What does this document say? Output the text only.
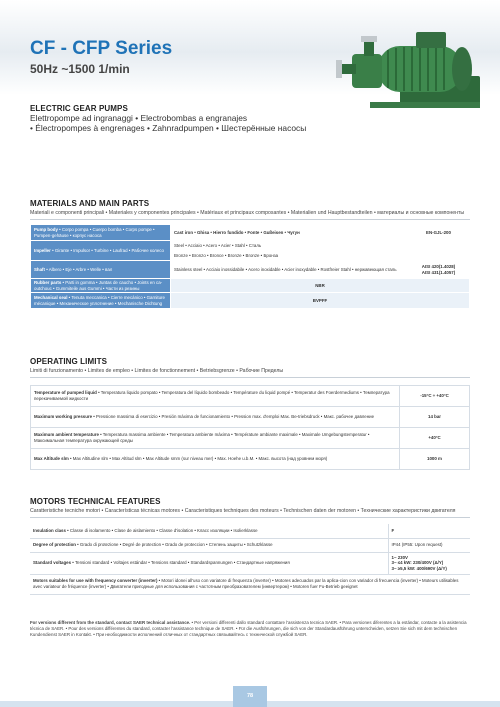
CF - CFP Series
50Hz ~1500 1/min
ELECTRIC GEAR PUMPS
Elettropompe ad ingranaggi • Electrobombas a engranajes
• Électropompes à engrenages • Zahnradpumpen • Шестерённые насосы
MATERIALS AND MAIN PARTS
Materiali e componenti principali • Materiales y componentes principales • Matériaux et principaux composantes • Materialien und Hauptbestandteilen • материалы и основные компоненты
Pump body • Corpo pompa • Cuerpo bomba • Corps pompe • Pumpen-gehäuse • корпус насоса	Cast iron • Ghisa • Hierro fundido • Fonte • Gußeisen • Чугун	EN-GJL-200
Impeller • Girante • Impulsor • Turbine • Laufrad • Рабочее колесо	Steel • Acciaio • Acero • Acier • Stahl • Сталь	
	Bronze • Bronzo • Bronce • Bronze • Bronze • Бронза	
Shaft • Albero • Eje • Arbre • Welle • вал	Stainless steel • Acciaio inossidabile • Acero inoxidable • Acier inoxydable • Rostfreier Stahl • нержавеющая сталь	AISI 420(1.4028)
AISI 431(1.4057)
Rubber parts • Parti in gomma • Juntas de caucho • Joints en ca-outchouc • Gummiteile aus Gummi • Части из резины	NBR	
Mechanical seal • Tenuta meccanica • Cierre mecánico • Garniture mécanique • Механическое уплотнение • Mechanische Dichtung	BVPFF	
OPERATING LIMITS
Limiti di funzionamento • Limites de empleo • Limites de fonctionnement • Betriebsgrenze • Рабочие Пределы
Temperature of pumped liquid • Temperatura liquido pompato • Temperatura del líquido bombeado • Température du liquid pompé • Temperatur des Foerdermediums • Температура перекачиваемой жидкости	-15°C ÷ +40°C
Maximum working pressure • Pressione massima di esercizio • Presión máxima de funcionamiento • Pression max. d'emploi Max. Be-triebsdruck • Макс. рабочее давление	14 bar
Maximum ambient temperature • Temperatura massima ambiente • Temperatura ambiente máxima • Température ambiante maximale • Maximale Umgebungstemperatur • Максимальная температура окружающей среды	+40°C
Max Altitude slm • Max Altitudine slm • Max Altitud slm • Max Altitude smm (sur niveau mer) • Max. Hoehe u.b.M. • Макс. высота (над уровнем моря)	1000 m
MOTORS TECHNICAL FEATURES
Caratteristiche tecniche motori • Características técnicas motores • Caracteristiques techniques des moteurs • Technischen daten der motoren • Технические характеристики двигателя
Insulation class • Classe di isolamento • Clase de aislamiento • Classe d'isolation • Класс изоляции • Isolierklasse	F
Degree of protection • Grado di protezione • Degré de protection • Grado de proteccion • Степень защиты • Schutzklasse	IP44 (IP55: Upon request)
Standard voltages • Tensioni standard • Voltajes estándar • Tensions standard • Standardspannungen • Стандартные напряжения	1~ 230V
3~ ≤4 kW: 230/400V (Δ/Y)
3~ ≥5,5 kW: 400/690V (Δ/Y)
Motors suitables for use with frequency converter (inverter) • Motori idonei all'uso con variatore di frequenza (inverter) • Motores adecuados par la aplica-cion con variador di frecuencia (inverter) • Moteurs utilisables avec variateur de fréquence (inverter) • Двигатели пригодные для использования с частотным преобразователем (инвертером) • Motoren fuer Fu-Betrieb geeignet	
For versions different from the standard, contact SAER technical assistance. • Per versioni differenti dallo standard contattare l'assistenza tecnica SAER. • Para versiones diferentes a la estándar, contacte a la asistencia técnica de SAER. • Pour des versions différentes du standard, contacter l'assistance technique de SAER. • Für die Ausführungen, die sich von der Standardausführung unterscheiden, setzen Sie sich mit dem technischen Kundendienst SAER in Kontakt. • При необходимости исполнений отличных от стандартных связывайтесь с технической службой SAER.
78
